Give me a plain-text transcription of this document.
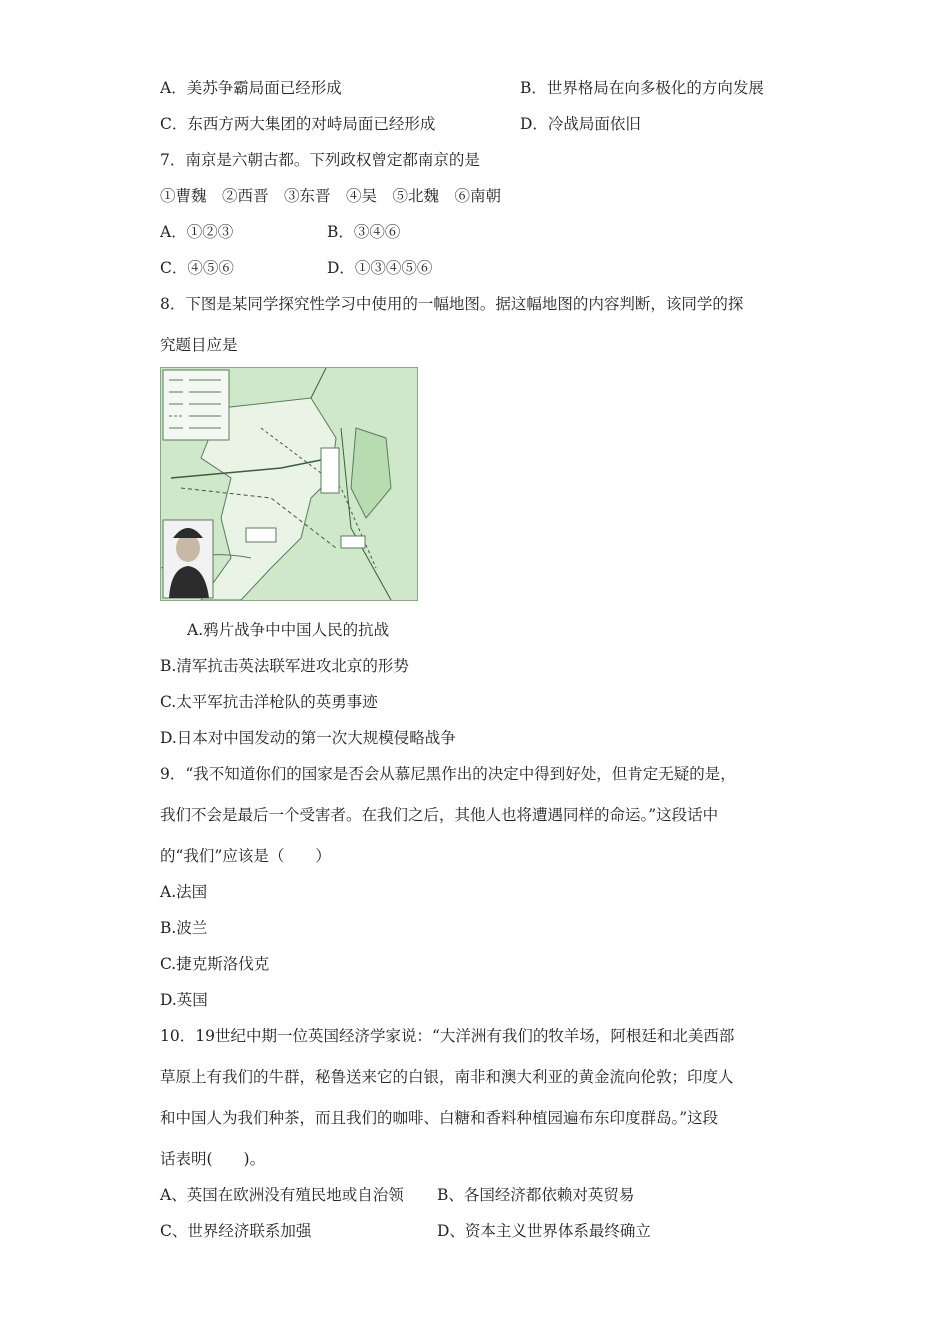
A．美苏争霸局面已经形成	B．世界格局在向多极化的方向发展
C．东西方两大集团的对峙局面已经形成	D．冷战局面依旧
7．南京是六朝古都。下列政权曾定都南京的是
①曹魏　②西晋　③东晋　④吴　⑤北魏　⑥南朝
A．①②③	B．③④⑥
C．④⑤⑥	D．①③④⑤⑥
8．下图是某同学探究性学习中使用的一幅地图。据这幅地图的内容判断，该同学的探
究题目应是
A.鸦片战争中中国人民的抗战
B.清军抗击英法联军进攻北京的形势
C.太平军抗击洋枪队的英勇事迹
D.日本对中国发动的第一次大规模侵略战争
9．“我不知道你们的国家是否会从慕尼黑作出的决定中得到好处，但肯定无疑的是，
我们不会是最后一个受害者。在我们之后，其他人也将遭遇同样的命运。”这段话中
的“我们”应该是（　　）
A.法国
B.波兰
C.捷克斯洛伐克
D.英国
10．19世纪中期一位英国经济学家说：“大洋洲有我们的牧羊场，阿根廷和北美西部
草原上有我们的牛群，秘鲁送来它的白银，南非和澳大利亚的黄金流向伦敦；印度人
和中国人为我们种茶，而且我们的咖啡、白糖和香料种植园遍布东印度群岛。”这段
话表明(　　)。
A、英国在欧洲没有殖民地或自治领 B、各国经济都依赖对英贸易
C、世界经济联系加强	D、资本主义世界体系最终确立
